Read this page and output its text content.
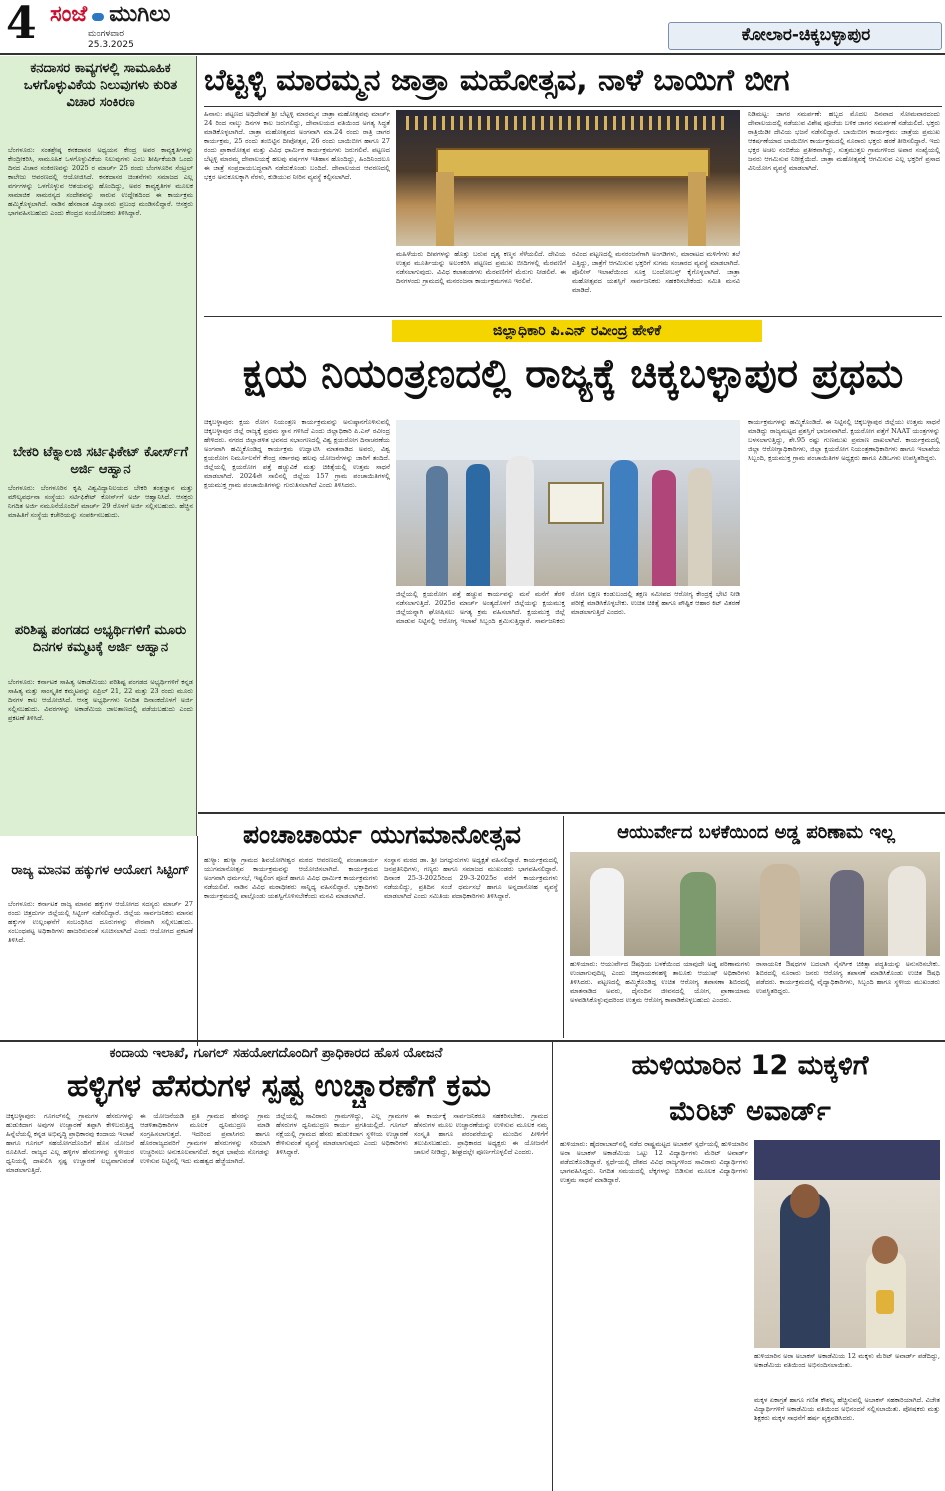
4 ಸಂಜೆ ಮುಗಿಲು
ಮಂಗಳವಾರ
25.3.2025	ಕೋಲಾರ-ಚಿಕ್ಕಬಳ್ಳಾಪುರ
ಕನದಾಸರ ಕಾವ್ಯಗಳಲ್ಲಿ ಸಾಮೂಹಿಕ ಒಳಗೊಳ್ಳುವಿಕೆಯ ನಿಲುವುಗಳು ಕುರಿತ ವಿಚಾರ ಸಂಕಿರಣ
ಬೆಂಗಳೂರು: ಸಂತಶ್ರೇಷ್ಠ ಕನಕದಾಸರ ಅಧ್ಯಯನ ಕೇಂದ್ರ ಅವರ ಕಾವ್ಯಕೃತಿಗಳನ್ನು ಕೇಂದ್ರೀಕರಿಸಿ, ಸಾಮೂಹಿಕ ಒಳಗೊಳ್ಳುವಿಕೆಯ ನಿಲುವುಗಳು ಎಂಬ ಶೀರ್ಷಿಕೆಯಡಿ ಒಂದು ದಿನದ ವಿಚಾರ ಸಂಕಿರಣವನ್ನು 2025 ರ ಮಾರ್ಚ್ 25 ರಂದು ಬೆಂಗಳೂರಿನ ಸೆಂಟ್ರಲ್ ಕಾಲೇಜು ಆವರಣದಲ್ಲಿ ಆಯೋಜಿಸಿದೆ. ಕನಕದಾಸರ ಚಿಂತನೆಗಳು ಸಮಾಜದ ಎಲ್ಲ ವರ್ಗಗಳನ್ನು ಒಳಗೊಳ್ಳುವ ಆಶಯವನ್ನು ಹೊಂದಿದ್ದು, ಅವರ ಕಾವ್ಯಕೃತಿಗಳ ಮೂಲಕ ಸಾಮಾಜಿಕ ಸಾಮರಸ್ಯದ ಸಂದೇಶವನ್ನು ಸಾರುವ ಉದ್ದೇಶದಿಂದ ಈ ಕಾರ್ಯಕ್ರಮ ಹಮ್ಮಿಕೊಳ್ಳಲಾಗಿದೆ. ನಾಡಿನ ಹೆಸರಾಂತ ವಿದ್ವಾಂಸರು ಪ್ರಬಂಧ ಮಂಡಿಸಲಿದ್ದಾರೆ. ಆಸಕ್ತರು ಭಾಗವಹಿಸಬಹುದು ಎಂದು ಕೇಂದ್ರದ ಸಂಯೋಜಕರು ತಿಳಿಸಿದ್ದಾರೆ.
ಬೇಕರಿ ಟೆಕ್ನಾಲಜಿ ಸರ್ಟಿಫಿಕೇಟ್ ಕೋರ್ಸ್‌ಗೆ ಅರ್ಜಿ ಆಹ್ವಾನ
ಬೆಂಗಳೂರು: ಬೆಂಗಳೂರಿನ ಕೃಷಿ ವಿಶ್ವವಿದ್ಯಾನಿಲಯದ ಬೇಕರಿ ತಂತ್ರಜ್ಞಾನ ಮತ್ತು ಮೌಲ್ಯವರ್ಧನಾ ಸಂಸ್ಥೆಯು ಸರ್ಟಿಫಿಕೇಟ್ ಕೋರ್ಸ್‌ಗೆ ಅರ್ಜಿ ಆಹ್ವಾನಿಸಿದೆ. ಆಸಕ್ತರು ನಿಗದಿತ ಅರ್ಜಿ ನಮೂನೆಯೊಂದಿಗೆ ಮಾರ್ಚ್ 29 ರೊಳಗೆ ಅರ್ಜಿ ಸಲ್ಲಿಸಬಹುದು. ಹೆಚ್ಚಿನ ಮಾಹಿತಿಗೆ ಸಂಸ್ಥೆಯ ಕಚೇರಿಯನ್ನು ಸಂಪರ್ಕಿಸಬಹುದು.
ಪರಿಶಿಷ್ಟ ಪಂಗಡದ ಅಭ್ಯರ್ಥಿಗಳಿಗೆ ಮೂರು ದಿನಗಳ ಕಮ್ಮಟಕ್ಕೆ ಅರ್ಜಿ ಆಹ್ವಾನ
ಬೆಂಗಳೂರು: ಕರ್ನಾಟಕ ಸಾಹಿತ್ಯ ಅಕಾಡೆಮಿಯು ಪರಿಶಿಷ್ಟ ಪಂಗಡದ ಅಭ್ಯರ್ಥಿಗಳಿಗೆ ಕನ್ನಡ ಸಾಹಿತ್ಯ ಮತ್ತು ಸಾಂಸ್ಕೃತಿಕ ಕಮ್ಮಟವನ್ನು ಏಪ್ರಿಲ್ 21, 22 ಮತ್ತು 23 ರಂದು ಮೂರು ದಿನಗಳ ಕಾಲ ಆಯೋಜಿಸಿದೆ. ಆಸಕ್ತ ಅಭ್ಯರ್ಥಿಗಳು ನಿಗದಿತ ದಿನಾಂಕದೊಳಗೆ ಅರ್ಜಿ ಸಲ್ಲಿಸಬಹುದು. ವಿವರಗಳನ್ನು ಅಕಾಡೆಮಿಯ ಜಾಲತಾಣದಲ್ಲಿ ಪಡೆಯಬಹುದು ಎಂದು ಪ್ರಕಟಣೆ ತಿಳಿಸಿದೆ.
ರಾಜ್ಯ ಮಾನವ ಹಕ್ಕುಗಳ ಆಯೋಗ ಸಿಟ್ಟಿಂಗ್
ಬೆಂಗಳೂರು: ಕರ್ನಾಟಕ ರಾಜ್ಯ ಮಾನವ ಹಕ್ಕುಗಳ ಆಯೋಗದ ಸದಸ್ಯರು ಮಾರ್ಚ್ 27 ರಂದು ಚಿತ್ರದುರ್ಗ ಜಿಲ್ಲೆಯಲ್ಲಿ ಸಿಟ್ಟಿಂಗ್ ನಡೆಸಲಿದ್ದಾರೆ. ಜಿಲ್ಲೆಯ ಸಾರ್ವಜನಿಕರು ಮಾನವ ಹಕ್ಕುಗಳ ಉಲ್ಲಂಘನೆಗೆ ಸಂಬಂಧಿಸಿದ ದೂರುಗಳನ್ನು ನೇರವಾಗಿ ಸಲ್ಲಿಸಬಹುದು. ಸಂಬಂಧಪಟ್ಟ ಅಧಿಕಾರಿಗಳು ಹಾಜರಿರುವಂತೆ ಸೂಚಿಸಲಾಗಿದೆ ಎಂದು ಆಯೋಗದ ಪ್ರಕಟಣೆ ತಿಳಿಸಿದೆ.
ಬೆಟ್ಟಳ್ಳಿ ಮಾರಮ್ಮನ ಜಾತ್ರಾ ಮಹೋತ್ಸವ, ನಾಳೆ ಬಾಯಿಗೆ ಬೀಗ
ಹಿನಾಸು: ಪಟ್ಟಣದ ಅಧಿದೇವತೆ ಶ್ರೀ ಬೆಟ್ಟಳ್ಳಿ ಮಾರಮ್ಮನ ಜಾತ್ರಾ ಮಹೋತ್ಸವವು ಮಾರ್ಚ್ 24 ರಿಂದ ನಾಲ್ಕು ದಿನಗಳ ಕಾಲ ಜರುಗಲಿದ್ದು, ದೇವಾಲಯದ ವತಿಯಿಂದ ಅಗತ್ಯ ಸಿದ್ಧತೆ ಮಾಡಿಕೊಳ್ಳಲಾಗಿದೆ. ಜಾತ್ರಾ ಮಹೋತ್ಸವದ ಅಂಗವಾಗಿ ಮಾ.24 ರಂದು ರಾತ್ರಿ ಜಾಗರ ಕಾರ್ಯಕ್ರಮ, 25 ರಂದು ತಂಬಿಟ್ಟಿನ ದೀಪೋತ್ಸವ, 26 ರಂದು ಬಾಯಿಬೀಗ ಹಾಗೂ 27 ರಂದು ಪ್ರಾಕಾರೋತ್ಸವ ಮತ್ತು ವಿವಿಧ ಧಾರ್ಮಿಕ ಕಾರ್ಯಕ್ರಮಗಳು ಜರುಗಲಿವೆ. ಪಟ್ಟಣದ ಬೆಟ್ಟಳ್ಳಿ ಮಾರಮ್ಮ ದೇವಾಲಯಕ್ಕೆ ಹಲವು ವರ್ಷಗಳ ಇತಿಹಾಸ ಹೊಂದಿದ್ದು, ಹಿಂದಿನಿಂದಲೂ ಈ ಜಾತ್ರೆ ಸಂಪ್ರದಾಯಬದ್ಧವಾಗಿ ನಡೆದುಕೊಂಡು ಬಂದಿದೆ. ದೇವಾಲಯದ ಆವರಣದಲ್ಲಿ ಭಕ್ತರ ಅನುಕೂಲಕ್ಕಾಗಿ ನೆರಳು, ಕುಡಿಯುವ ನೀರಿನ ವ್ಯವಸ್ಥೆ ಕಲ್ಪಿಸಲಾಗಿದೆ.
ಮಹಿಳೆಯರು ದೀಪಗಳನ್ನು ಹೊತ್ತು ಬರುವ ದೃಶ್ಯ ಕಣ್ಮನ ಸೆಳೆಯಲಿದೆ. ದೇವಿಯ ಉತ್ಸವ ಮೂರ್ತಿಯನ್ನು ಅಲಂಕರಿಸಿ ಪಟ್ಟಣದ ಪ್ರಮುಖ ಬೀದಿಗಳಲ್ಲಿ ಮೆರವಣಿಗೆ ನಡೆಸಲಾಗುವುದು. ವಿವಿಧ ಕಲಾತಂಡಗಳು ಮೆರವಣಿಗೆಗೆ ಮೆರುಗು ನೀಡಲಿವೆ. ಈ ದಿನಗಳಂದು ಗ್ರಾಮದಲ್ಲಿ ಮನರಂಜನಾ ಕಾರ್ಯಕ್ರಮಗಳೂ ಇರಲಿವೆ.
ರವಿಂದ ಪಟ್ಟಣದಲ್ಲಿ ಮನರಂಜನೆಗಾಗಿ ಅಂಗಡಿಗಳು, ಮಾರಾಟದ ಮಳಿಗೆಗಳು ತಲೆ ಎತ್ತಿದ್ದು, ಜಾತ್ರೆಗೆ ಆಗಮಿಸುವ ಭಕ್ತರಿಗೆ ಸುಗಮ ಸಂಚಾರದ ವ್ಯವಸ್ಥೆ ಮಾಡಲಾಗಿದೆ. ಪೊಲೀಸ್ ಇಲಾಖೆಯಿಂದ ಸೂಕ್ತ ಬಂದೋಬಸ್ತ್ ಕೈಗೊಳ್ಳಲಾಗಿದೆ. ಜಾತ್ರಾ ಮಹೋತ್ಸವದ ಯಶಸ್ಸಿಗೆ ಸಾರ್ವಜನಿಕರು ಸಹಕರಿಸಬೇಕೆಂದು ಸಮಿತಿ ಮನವಿ ಮಾಡಿದೆ.
ನಿಡಿಮಟ್ಟ: ಜಾಗರ ಸಮರ್ಪಣೆ: ಹಬ್ಬದ ಮೊದಲ ದಿನವಾದ ಸೋಮವಾರದಂದು ದೇವಾಲಯದಲ್ಲಿ ನಡೆಯುವ ವಿಶೇಷ ಪೂಜೆಯ ಬಳಿಕ ಜಾಗರ ಸಮರ್ಪಣೆ ನಡೆಯಲಿದೆ. ಭಕ್ತರು ರಾತ್ರಿಯಿಡೀ ದೇವಿಯ ಭಜನೆ ನಡೆಸಲಿದ್ದಾರೆ. ಬಾಯಿಬೀಗ ಕಾರ್ಯಕ್ರಮ: ಜಾತ್ರೆಯ ಪ್ರಮುಖ ಆಕರ್ಷಣೆಯಾದ ಬಾಯಿಬೀಗ ಕಾರ್ಯಕ್ರಮದಲ್ಲಿ ನೂರಾರು ಭಕ್ತರು ಹರಕೆ ತೀರಿಸಲಿದ್ದಾರೆ. ಇದು ಭಕ್ತರ ಅಚಲ ನಂಬಿಕೆಯ ಪ್ರತೀಕವಾಗಿದ್ದು, ಸುತ್ತಮುತ್ತಲ ಗ್ರಾಮಗಳಿಂದ ಅಪಾರ ಸಂಖ್ಯೆಯಲ್ಲಿ ಜನರು ಆಗಮಿಸುವ ನಿರೀಕ್ಷೆಯಿದೆ. ಜಾತ್ರಾ ಮಹೋತ್ಸವಕ್ಕೆ ಆಗಮಿಸುವ ಎಲ್ಲ ಭಕ್ತರಿಗೆ ಪ್ರಸಾದ ವಿನಿಯೋಗ ವ್ಯವಸ್ಥೆ ಮಾಡಲಾಗಿದೆ.
ಜಿಲ್ಲಾಧಿಕಾರಿ ಪಿ.ಎನ್ ರವೀಂದ್ರ ಹೇಳಿಕೆ
ಕ್ಷಯ ನಿಯಂತ್ರಣದಲ್ಲಿ ರಾಜ್ಯಕ್ಕೆ ಚಿಕ್ಕಬಳ್ಳಾಪುರ ಪ್ರಥಮ
ಚಿಕ್ಕಬಳ್ಳಾಪುರ: ಕ್ಷಯ ರೋಗ ನಿಯಂತ್ರಣ ಕಾರ್ಯಕ್ರಮವನ್ನು ಅನುಷ್ಠಾನಗೊಳಿಸುವಲ್ಲಿ ಚಿಕ್ಕಬಳ್ಳಾಪುರ ಜಿಲ್ಲೆ ರಾಜ್ಯಕ್ಕೆ ಪ್ರಥಮ ಸ್ಥಾನ ಗಳಿಸಿದೆ ಎಂದು ಜಿಲ್ಲಾಧಿಕಾರಿ ಪಿ.ಎನ್ ರವೀಂದ್ರ ಹೇಳಿದರು. ನಗರದ ಜಿಲ್ಲಾಡಳಿತ ಭವನದ ಸಭಾಂಗಣದಲ್ಲಿ ವಿಶ್ವ ಕ್ಷಯರೋಗ ದಿನಾಚರಣೆಯ ಅಂಗವಾಗಿ ಹಮ್ಮಿಕೊಂಡಿದ್ದ ಕಾರ್ಯಕ್ರಮ ಉದ್ಘಾಟಿಸಿ ಮಾತನಾಡಿದ ಅವರು, ವಿಶ್ವ ಕ್ಷಯರೋಗ ನಿರ್ಮೂಲನೆಗೆ ಕೇಂದ್ರ ಸರ್ಕಾರವು ಹಲವು ಯೋಜನೆಗಳನ್ನು ಜಾರಿಗೆ ತಂದಿದೆ. ಜಿಲ್ಲೆಯಲ್ಲಿ ಕ್ಷಯರೋಗ ಪತ್ತೆ ಹಚ್ಚುವಿಕೆ ಮತ್ತು ಚಿಕಿತ್ಸೆಯಲ್ಲಿ ಉತ್ತಮ ಸಾಧನೆ ಮಾಡಲಾಗಿದೆ. 2024ನೇ ಸಾಲಿನಲ್ಲಿ ಜಿಲ್ಲೆಯ 157 ಗ್ರಾಮ ಪಂಚಾಯಿತಿಗಳಲ್ಲಿ ಕ್ಷಯಮುಕ್ತ ಗ್ರಾಮ ಪಂಚಾಯಿತಿಗಳನ್ನು ಗುರುತಿಸಲಾಗಿದೆ ಎಂದು ತಿಳಿಸಿದರು.
ಜಿಲ್ಲೆಯಲ್ಲಿ ಕ್ಷಯರೋಗ ಪತ್ತೆ ಹಚ್ಚುವ ಕಾರ್ಯವನ್ನು ಮನೆ ಮನೆಗೆ ತೆರಳಿ ನಡೆಸಲಾಗುತ್ತಿದೆ. 2025ರ ಮಾರ್ಚ್ ಅಂತ್ಯದೊಳಗೆ ಜಿಲ್ಲೆಯನ್ನು ಕ್ಷಯಮುಕ್ತ ಜಿಲ್ಲೆಯನ್ನಾಗಿ ಘೋಷಿಸಲು ಅಗತ್ಯ ಕ್ರಮ ವಹಿಸಲಾಗಿದೆ. ಕ್ಷಯಮುಕ್ತ ಜಿಲ್ಲೆ ಮಾಡುವ ನಿಟ್ಟಿನಲ್ಲಿ ಆರೋಗ್ಯ ಇಲಾಖೆ ಸಿಬ್ಬಂದಿ ಶ್ರಮಿಸುತ್ತಿದ್ದಾರೆ. ಸಾರ್ವಜನಿಕರು ರೋಗ ಲಕ್ಷಣ ಕಂಡುಬಂದಲ್ಲಿ ತಕ್ಷಣ ಸಮೀಪದ ಆರೋಗ್ಯ ಕೇಂದ್ರಕ್ಕೆ ಭೇಟಿ ನೀಡಿ ಪರೀಕ್ಷೆ ಮಾಡಿಸಿಕೊಳ್ಳಬೇಕು. ಉಚಿತ ಚಿಕಿತ್ಸೆ ಹಾಗೂ ಪೌಷ್ಟಿಕ ಆಹಾರ ಕಿಟ್ ವಿತರಣೆ ಮಾಡಲಾಗುತ್ತಿದೆ ಎಂದರು.
ಕಾರ್ಯಕ್ರಮಗಳನ್ನು ಹಮ್ಮಿಕೊಂಡಿದೆ. ಈ ನಿಟ್ಟಿನಲ್ಲಿ ಚಿಕ್ಕಬಳ್ಳಾಪುರ ಜಿಲ್ಲೆಯು ಉತ್ತಮ ಸಾಧನೆ ಮಾಡಿದ್ದು ರಾಜ್ಯಮಟ್ಟದ ಪ್ರಶಸ್ತಿಗೆ ಭಾಜನವಾಗಿದೆ. ಕ್ಷಯರೋಗ ಪತ್ತೆಗೆ NAAT ಯಂತ್ರಗಳನ್ನು ಬಳಸಲಾಗುತ್ತಿದ್ದು, ಶೇ.95 ರಷ್ಟು ಗುಣಮುಖ ಪ್ರಮಾಣ ದಾಖಲಾಗಿದೆ. ಕಾರ್ಯಕ್ರಮದಲ್ಲಿ ಜಿಲ್ಲಾ ಆರೋಗ್ಯಾಧಿಕಾರಿಗಳು, ಜಿಲ್ಲಾ ಕ್ಷಯರೋಗ ನಿಯಂತ್ರಣಾಧಿಕಾರಿಗಳು ಹಾಗೂ ಇಲಾಖೆಯ ಸಿಬ್ಬಂದಿ, ಕ್ಷಯಮುಕ್ತ ಗ್ರಾಮ ಪಂಚಾಯಿತಿಗಳ ಅಧ್ಯಕ್ಷರು ಹಾಗೂ ಪಿಡಿಒಗಳು ಉಪಸ್ಥಿತರಿದ್ದರು.
ಪಂಚಾಚಾರ್ಯ ಯುಗಮಾನೋತ್ಸವ
ಹುಳ್ಯಾ: ಹುಳ್ಯಾ ಗ್ರಾಮದ ಶಿವಯೋಗೀಶ್ವರ ಮಠದ ಆವರಣದಲ್ಲಿ ಪಂಚಾಚಾರ್ಯ ಯುಗಮಾನೋತ್ಸವ ಕಾರ್ಯಕ್ರಮವನ್ನು ಆಯೋಜಿಸಲಾಗಿದೆ. ಕಾರ್ಯಕ್ರಮದ ಅಂಗವಾಗಿ ಧರ್ಮಸಭೆ, ಇಷ್ಟಲಿಂಗ ಪೂಜೆ ಹಾಗೂ ವಿವಿಧ ಧಾರ್ಮಿಕ ಕಾರ್ಯಕ್ರಮಗಳು ನಡೆಯಲಿವೆ. ನಾಡಿನ ವಿವಿಧ ಮಠಾಧೀಶರು ಸಾನ್ನಿಧ್ಯ ವಹಿಸಲಿದ್ದಾರೆ. ಭಕ್ತಾದಿಗಳು ಕಾರ್ಯಕ್ರಮದಲ್ಲಿ ಪಾಲ್ಗೊಂಡು ಯಶಸ್ವಿಗೊಳಿಸಬೇಕೆಂದು ಮನವಿ ಮಾಡಲಾಗಿದೆ.
ಸಂಸ್ಥಾನ ಮಠದ ಡಾ. ಶ್ರೀ ಜಗದ್ಗುರುಗಳು ಅಧ್ಯಕ್ಷತೆ ವಹಿಸಲಿದ್ದಾರೆ. ಕಾರ್ಯಕ್ರಮದಲ್ಲಿ ಜನಪ್ರತಿನಿಧಿಗಳು, ಗಣ್ಯರು ಹಾಗೂ ಸಮಾಜದ ಮುಖಂಡರು ಭಾಗವಹಿಸಲಿದ್ದಾರೆ. ದಿನಾಂಕ 25-3-2025ರಿಂದ 29-3-2025ರ ವರೆಗೆ ಕಾರ್ಯಕ್ರಮಗಳು ನಡೆಯಲಿದ್ದು, ಪ್ರತಿದಿನ ಸಂಜೆ ಧರ್ಮಸಭೆ ಹಾಗೂ ಅನ್ನದಾಸೋಹ ವ್ಯವಸ್ಥೆ ಮಾಡಲಾಗಿದೆ ಎಂದು ಸಮಿತಿಯ ಪದಾಧಿಕಾರಿಗಳು ತಿಳಿಸಿದ್ದಾರೆ.
ಆಯುರ್ವೇದ ಬಳಕೆಯಿಂದ ಅಡ್ಡ ಪರಿಣಾಮ ಇಲ್ಲ
ಹುಳಿಯಾರು: ಆಯುರ್ವೇದ ಔಷಧಿಯ ಬಳಕೆಯಿಂದ ಯಾವುದೇ ಅಡ್ಡ ಪರಿಣಾಮಗಳು ಉಂಟಾಗುವುದಿಲ್ಲ ಎಂದು ಚಿಕ್ಕನಾಯಕನಹಳ್ಳಿ ತಾಲೂಕು ಆಯುಷ್ ಅಧಿಕಾರಿಗಳು ತಿಳಿಸಿದರು. ಪಟ್ಟಣದಲ್ಲಿ ಹಮ್ಮಿಕೊಂಡಿದ್ದ ಉಚಿತ ಆರೋಗ್ಯ ತಪಾಸಣಾ ಶಿಬಿರದಲ್ಲಿ ಮಾತನಾಡಿದ ಅವರು, ದೈನಂದಿನ ಜೀವನದಲ್ಲಿ ಯೋಗ, ಪ್ರಾಣಾಯಾಮ ಅಳವಡಿಸಿಕೊಳ್ಳುವುದರಿಂದ ಉತ್ತಮ ಆರೋಗ್ಯ ಕಾಪಾಡಿಕೊಳ್ಳಬಹುದು ಎಂದರು.
ರಾಸಾಯನಿಕ ಔಷಧಗಳ ಬದಲಾಗಿ ನೈಸರ್ಗಿಕ ಚಿಕಿತ್ಸಾ ಪದ್ಧತಿಯನ್ನು ಅನುಸರಿಸಬೇಕು. ಶಿಬಿರದಲ್ಲಿ ನೂರಾರು ಜನರು ಆರೋಗ್ಯ ತಪಾಸಣೆ ಮಾಡಿಸಿಕೊಂಡು ಉಚಿತ ಔಷಧಿ ಪಡೆದರು. ಕಾರ್ಯಕ್ರಮದಲ್ಲಿ ವೈದ್ಯಾಧಿಕಾರಿಗಳು, ಸಿಬ್ಬಂದಿ ಹಾಗೂ ಸ್ಥಳೀಯ ಮುಖಂಡರು ಉಪಸ್ಥಿತರಿದ್ದರು.
ಕಂದಾಯ ಇಲಾಖೆ, ಗೂಗಲ್ ಸಹಯೋಗದೊಂದಿಗೆ ಪ್ರಾಧಿಕಾರದ ಹೊಸ ಯೋಜನೆ
ಹಳ್ಳಿಗಳ ಹೆಸರುಗಳ ಸ್ಪಷ್ಟ ಉಚ್ಚಾರಣೆಗೆ ಕ್ರಮ
ಚಿಕ್ಕಬಳ್ಳಾಪುರ: ಗೂಗಲ್‌ನಲ್ಲಿ ಗ್ರಾಮಗಳ ಹೆಸರುಗಳನ್ನು ಹುಡುಕಿದಾಗ ಅವುಗಳ ಉಚ್ಚಾರಣೆ ತಪ್ಪಾಗಿ ಕೇಳಿಬರುತ್ತಿದ್ದ ಹಿನ್ನೆಲೆಯಲ್ಲಿ ಕನ್ನಡ ಅಭಿವೃದ್ಧಿ ಪ್ರಾಧಿಕಾರವು ಕಂದಾಯ ಇಲಾಖೆ ಹಾಗೂ ಗೂಗಲ್ ಸಹಯೋಗದೊಂದಿಗೆ ಹೊಸ ಯೋಜನೆ ರೂಪಿಸಿದೆ. ರಾಜ್ಯದ ಎಲ್ಲ ಹಳ್ಳಿಗಳ ಹೆಸರುಗಳನ್ನು ಸ್ಥಳೀಯರ ಧ್ವನಿಯಲ್ಲಿ ದಾಖಲಿಸಿ ಸ್ಪಷ್ಟ ಉಚ್ಚಾರಣೆ ಲಭ್ಯವಾಗುವಂತೆ ಮಾಡಲಾಗುತ್ತಿದೆ.
ಈ ಯೋಜನೆಯಡಿ ಪ್ರತಿ ಗ್ರಾಮದ ಹೆಸರನ್ನು ಗ್ರಾಮ ಆಡಳಿತಾಧಿಕಾರಿಗಳ ಮೂಲಕ ಧ್ವನಿಮುದ್ರಣ ಮಾಡಿ ಸಂಗ್ರಹಿಸಲಾಗುತ್ತದೆ. ಇದರಿಂದ ಪ್ರವಾಸಿಗರು ಹಾಗೂ ಹೊರರಾಜ್ಯದವರಿಗೆ ಗ್ರಾಮಗಳ ಹೆಸರುಗಳನ್ನು ಸರಿಯಾಗಿ ಉಚ್ಚರಿಸಲು ಅನುಕೂಲವಾಗಲಿದೆ. ಕನ್ನಡ ಭಾಷೆಯ ಸೊಗಡನ್ನು ಉಳಿಸುವ ನಿಟ್ಟಿನಲ್ಲಿ ಇದು ಮಹತ್ವದ ಹೆಜ್ಜೆಯಾಗಿದೆ.
ಜಿಲ್ಲೆಯಲ್ಲಿ ಸಾವಿರಾರು ಗ್ರಾಮಗಳಿದ್ದು, ಎಲ್ಲ ಗ್ರಾಮಗಳ ಹೆಸರುಗಳ ಧ್ವನಿಮುದ್ರಣ ಕಾರ್ಯ ಪ್ರಗತಿಯಲ್ಲಿದೆ. ಗೂಗಲ್ ನಕ್ಷೆಯಲ್ಲಿ ಗ್ರಾಮದ ಹೆಸರು ಹುಡುಕಿದಾಗ ಸ್ಥಳೀಯ ಉಚ್ಚಾರಣೆ ಕೇಳಿಸುವಂತೆ ವ್ಯವಸ್ಥೆ ಮಾಡಲಾಗುವುದು ಎಂದು ಅಧಿಕಾರಿಗಳು ತಿಳಿಸಿದ್ದಾರೆ.
ಈ ಕಾರ್ಯಕ್ಕೆ ಸಾರ್ವಜನಿಕರೂ ಸಹಕರಿಸಬೇಕು. ಗ್ರಾಮದ ಹೆಸರುಗಳ ಮೂಲ ಉಚ್ಚಾರಣೆಯನ್ನು ಉಳಿಸುವ ಮೂಲಕ ನಮ್ಮ ಸಂಸ್ಕೃತಿ ಹಾಗೂ ಪರಂಪರೆಯನ್ನು ಮುಂದಿನ ಪೀಳಿಗೆಗೆ ತಲುಪಿಸಬಹುದು. ಪ್ರಾಧಿಕಾರದ ಅಧ್ಯಕ್ಷರು ಈ ಯೋಜನೆಗೆ ಚಾಲನೆ ನೀಡಿದ್ದು, ಶೀಘ್ರದಲ್ಲೇ ಪೂರ್ಣಗೊಳ್ಳಲಿದೆ ಎಂದರು.
ಹುಳಿಯಾರಿನ 12 ಮಕ್ಕಳಿಗೆ
ಮೆರಿಟ್ ಅವಾರ್ಡ್
ಹುಳಿಯಾರು: ಹೈದರಾಬಾದ್‌ನಲ್ಲಿ ನಡೆದ ರಾಷ್ಟ್ರಮಟ್ಟದ ಅಬಾಕಸ್ ಸ್ಪರ್ಧೆಯಲ್ಲಿ ಹುಳಿಯಾರಿನ ಅರಾ ಅಬಾಕಸ್ ಅಕಾಡೆಮಿಯ ಒಟ್ಟು 12 ವಿದ್ಯಾರ್ಥಿಗಳು ಮೆರಿಟ್ ಅವಾರ್ಡ್ ಪಡೆದುಕೊಂಡಿದ್ದಾರೆ. ಸ್ಪರ್ಧೆಯಲ್ಲಿ ದೇಶದ ವಿವಿಧ ರಾಜ್ಯಗಳಿಂದ ಸಾವಿರಾರು ವಿದ್ಯಾರ್ಥಿಗಳು ಭಾಗವಹಿಸಿದ್ದರು. ನಿಗದಿತ ಸಮಯದಲ್ಲಿ ಲೆಕ್ಕಗಳನ್ನು ಬಿಡಿಸುವ ಮೂಲಕ ವಿದ್ಯಾರ್ಥಿಗಳು ಉತ್ತಮ ಸಾಧನೆ ಮಾಡಿದ್ದಾರೆ.
ಹುಳಿಯಾರಿನ ಅರಾ ಅಬಾಕಸ್ ಅಕಾಡೆಮಿಯ 12 ಮಕ್ಕಳು ಮೆರಿಟ್ ಅವಾರ್ಡ್ ಪಡೆದಿದ್ದು, ಅಕಾಡೆಮಿಯ ವತಿಯಿಂದ ಅಭಿನಂದಿಸಲಾಯಿತು.
ಮಕ್ಕಳ ಏಕಾಗ್ರತೆ ಹಾಗೂ ಗಣಿತ ಕೌಶಲ್ಯ ಹೆಚ್ಚಿಸುವಲ್ಲಿ ಅಬಾಕಸ್ ಸಹಕಾರಿಯಾಗಿದೆ. ವಿಜೇತ ವಿದ್ಯಾರ್ಥಿಗಳಿಗೆ ಅಕಾಡೆಮಿಯ ವತಿಯಿಂದ ಅಭಿನಂದನೆ ಸಲ್ಲಿಸಲಾಯಿತು. ಪೋಷಕರು ಮತ್ತು ಶಿಕ್ಷಕರು ಮಕ್ಕಳ ಸಾಧನೆಗೆ ಹರ್ಷ ವ್ಯಕ್ತಪಡಿಸಿದರು.
